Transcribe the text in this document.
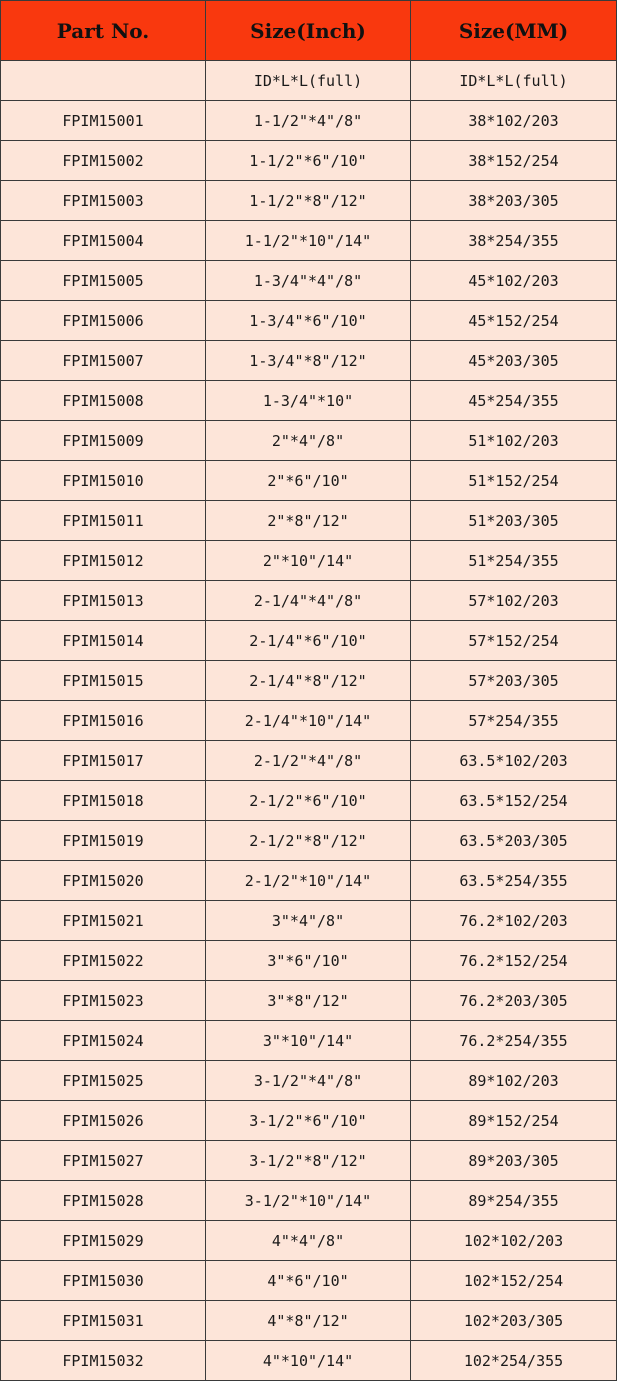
Part No.	Size(Inch)	Size(MM)
	ID*L*L(full)	ID*L*L(full)
FPIM15001	1-1/2"*4"/8"	38*102/203
FPIM15002	1-1/2"*6"/10"	38*152/254
FPIM15003	1-1/2"*8"/12"	38*203/305
FPIM15004	1-1/2"*10"/14"	38*254/355
FPIM15005	1-3/4"*4"/8"	45*102/203
FPIM15006	1-3/4"*6"/10"	45*152/254
FPIM15007	1-3/4"*8"/12"	45*203/305
FPIM15008	1-3/4"*10"	45*254/355
FPIM15009	2"*4"/8"	51*102/203
FPIM15010	2"*6"/10"	51*152/254
FPIM15011	2"*8"/12"	51*203/305
FPIM15012	2"*10"/14"	51*254/355
FPIM15013	2-1/4"*4"/8"	57*102/203
FPIM15014	2-1/4"*6"/10"	57*152/254
FPIM15015	2-1/4"*8"/12"	57*203/305
FPIM15016	2-1/4"*10"/14"	57*254/355
FPIM15017	2-1/2"*4"/8"	63.5*102/203
FPIM15018	2-1/2"*6"/10"	63.5*152/254
FPIM15019	2-1/2"*8"/12"	63.5*203/305
FPIM15020	2-1/2"*10"/14"	63.5*254/355
FPIM15021	3"*4"/8"	76.2*102/203
FPIM15022	3"*6"/10"	76.2*152/254
FPIM15023	3"*8"/12"	76.2*203/305
FPIM15024	3"*10"/14"	76.2*254/355
FPIM15025	3-1/2"*4"/8"	89*102/203
FPIM15026	3-1/2"*6"/10"	89*152/254
FPIM15027	3-1/2"*8"/12"	89*203/305
FPIM15028	3-1/2"*10"/14"	89*254/355
FPIM15029	4"*4"/8"	102*102/203
FPIM15030	4"*6"/10"	102*152/254
FPIM15031	4"*8"/12"	102*203/305
FPIM15032	4"*10"/14"	102*254/355
